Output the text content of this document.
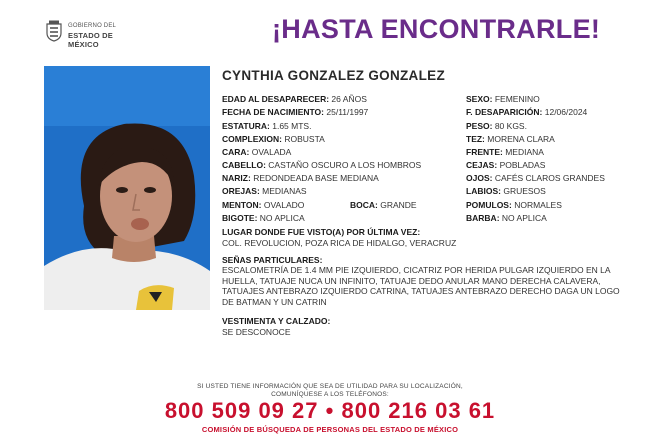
GOBIERNO DEL
ESTADO DE MÉXICO
¡HASTA ENCONTRARLE!
CYNTHIA GONZALEZ GONZALEZ
EDAD AL DESAPARECER: 26 AÑOS
FECHA DE NACIMIENTO: 25/11/1997
ESTATURA: 1.65 MTS.
COMPLEXION: ROBUSTA
CARA: OVALADA
CABELLO: CASTAÑO OSCURO A LOS HOMBROS
NARIZ: REDONDEADA BASE MEDIANA
OREJAS: MEDIANAS
MENTON: OVALADO	BOCA: GRANDE
BIGOTE: NO APLICA
SEXO: FEMENINO
F. DESAPARICIÓN: 12/06/2024
PESO: 80 KGS.
TEZ: MORENA CLARA
FRENTE: MEDIANA
CEJAS: POBLADAS
OJOS: CAFÉS CLAROS GRANDES
LABIOS: GRUESOS
POMULOS: NORMALES
BARBA: NO APLICA
LUGAR DONDE FUE VISTO(A) POR ÚLTIMA VEZ:
COL. REVOLUCION, POZA RICA DE HIDALGO, VERACRUZ
SEÑAS PARTICULARES:
ESCALOMETRÍA DE 1.4 MM PIE IZQUIERDO, CICATRIZ POR HERIDA PULGAR IZQUIERDO EN LA HUELLA, TATUAJE NUCA UN INFINITO, TATUAJE DEDO ANULAR MANO DERECHA CALAVERA, TATUAJES ANTEBRAZO IZQUIERDO CATRINA, TATUAJES ANTEBRAZO DERECHO DAGA UN LOGO DE BATMAN Y UN CATRIN
VESTIMENTA Y CALZADO:
SE DESCONOCE
SI USTED TIENE INFORMACIÓN QUE SEA DE UTILIDAD PARA SU LOCALIZACIÓN,
COMUNÍQUESE A LOS TELÉFONOS:
800 509 09 27 • 800 216 03 61
COMISIÓN DE BÚSQUEDA DE PERSONAS DEL ESTADO DE MÉXICO
